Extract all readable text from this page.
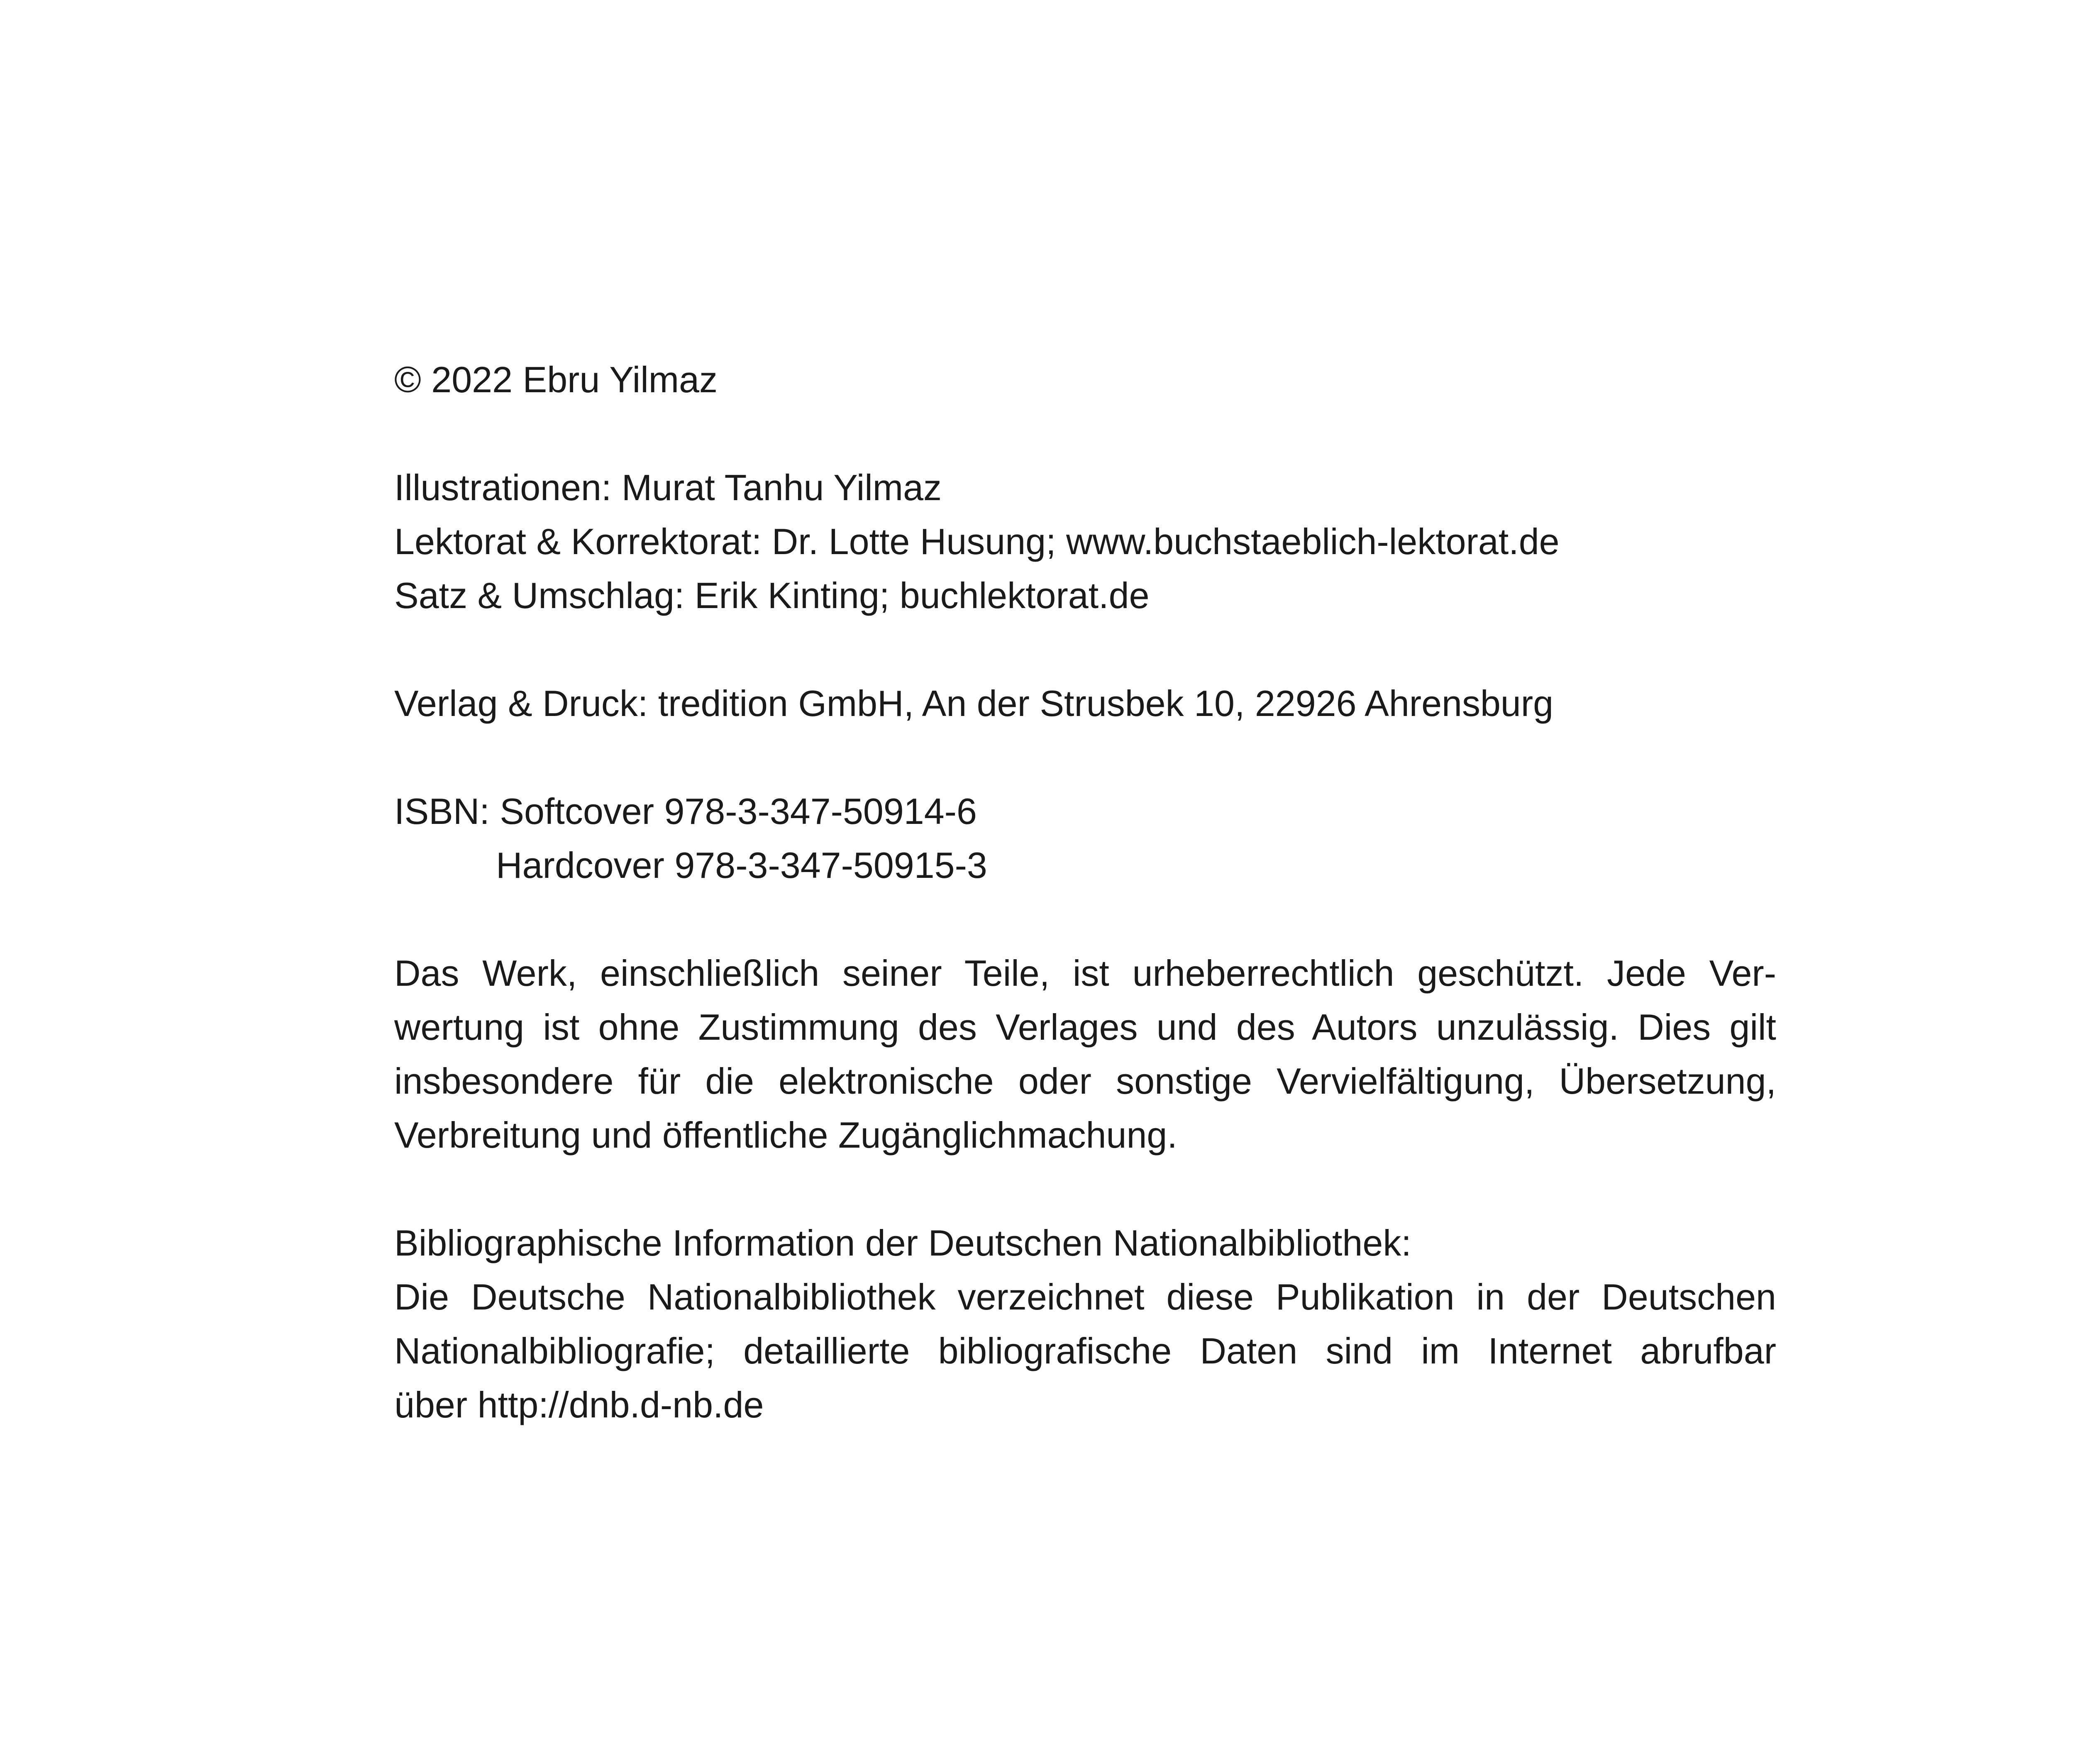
© 2022 Ebru Yilmaz
Illustrationen: Murat Tanhu Yilmaz
Lektorat & Korrektorat: Dr. Lotte Husung; www.buchstaeblich-lektorat.de
Satz & Umschlag: Erik Kinting; buchlektorat.de
Verlag & Druck: tredition GmbH, An der Strusbek 10, 22926 Ahrensburg
ISBN: Softcover 978-3-347-50914-6
Hardcover 978-3-347-50915-3
Das Werk, einschließlich seiner Teile, ist urheberrechtlich geschützt. Jede Ver-
wertung ist ohne Zustimmung des Verlages und des Autors unzulässig. Dies gilt
insbesondere für die elektronische oder sonstige Vervielfältigung, Übersetzung,
Verbreitung und öffentliche Zugänglichmachung.
Bibliographische Information der Deutschen Nationalbibliothek:
Die Deutsche Nationalbibliothek verzeichnet diese Publikation in der Deutschen
Nationalbibliografie; detaillierte bibliografische Daten sind im Internet abrufbar
über http://dnb.d-nb.de
